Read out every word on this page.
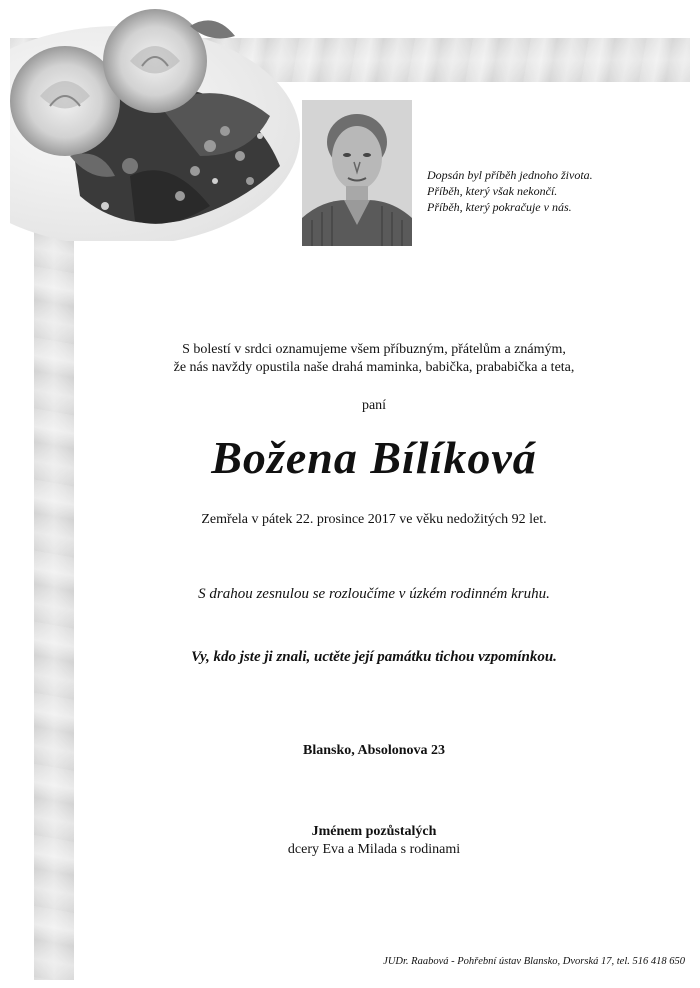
Dopsán byl příběh jednoho života.
Příběh, který však nekončí.
Příběh, který pokračuje v nás.
S bolestí v srdci oznamujeme všem příbuzným, přátelům a známým,
že nás navždy opustila naše drahá maminka, babička, prababička a teta,
paní
Božena Bílíková
Zemřela v pátek 22. prosince 2017 ve věku nedožitých 92 let.
S drahou zesnulou se rozloučíme v úzkém rodinném kruhu.
Vy, kdo jste ji znali, uctěte její památku tichou vzpomínkou.
Blansko, Absolonova 23
Jménem pozůstalých
dcery Eva a Milada s rodinami
JUDr. Raabová - Pohřební ústav Blansko, Dvorská 17, tel. 516 418 650
